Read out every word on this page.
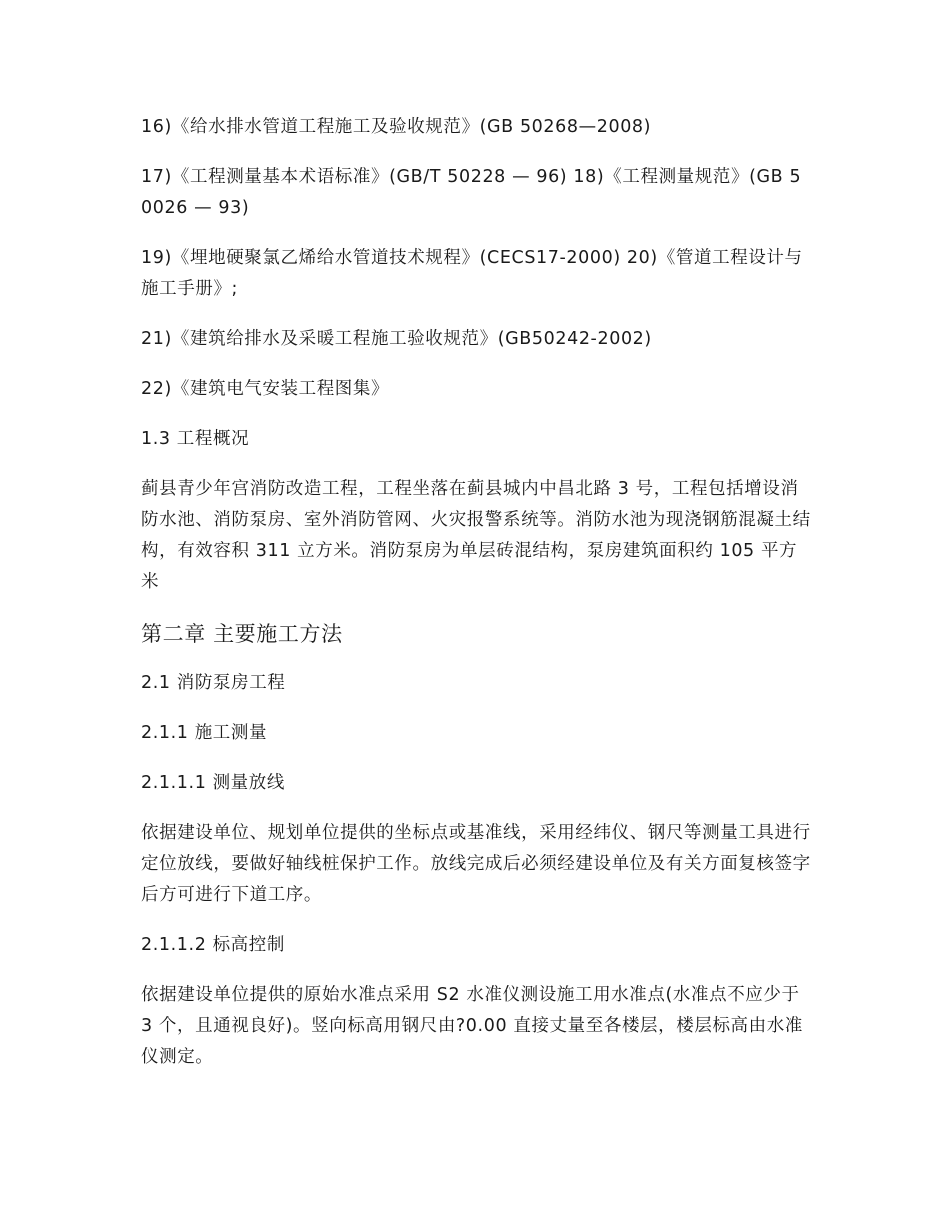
16)《给水排水管道工程施工及验收规范》(GB 50268—2008)

17)《工程测量基本术语标准》(GB/T 50228 — 96) 18)《工程测量规范》(GB 50026 — 93)

19)《埋地硬聚氯乙烯给水管道技术规程》(CECS17-2000) 20)《管道工程设计与施工手册》;

21)《建筑给排水及采暖工程施工验收规范》(GB50242-2002)

22)《建筑电气安装工程图集》

1.3 工程概况

蓟县青少年宫消防改造工程，工程坐落在蓟县城内中昌北路 3 号，工程包括增设消防水池、消防泵房、室外消防管网、火灾报警系统等。消防水池为现浇钢筋混凝土结构，有效容积 311 立方米。消防泵房为单层砖混结构，泵房建筑面积约 105 平方米

第二章 主要施工方法

2.1 消防泵房工程

2.1.1 施工测量

2.1.1.1 测量放线

依据建设单位、规划单位提供的坐标点或基准线，采用经纬仪、钢尺等测量工具进行定位放线，要做好轴线桩保护工作。放线完成后必须经建设单位及有关方面复核签字后方可进行下道工序。

2.1.1.2 标高控制

依据建设单位提供的原始水准点采用 S2 水准仪测设施工用水准点(水准点不应少于 3 个，且通视良好)。竖向标高用钢尺由?0.00 直接丈量至各楼层，楼层标高由水准仪测定。
